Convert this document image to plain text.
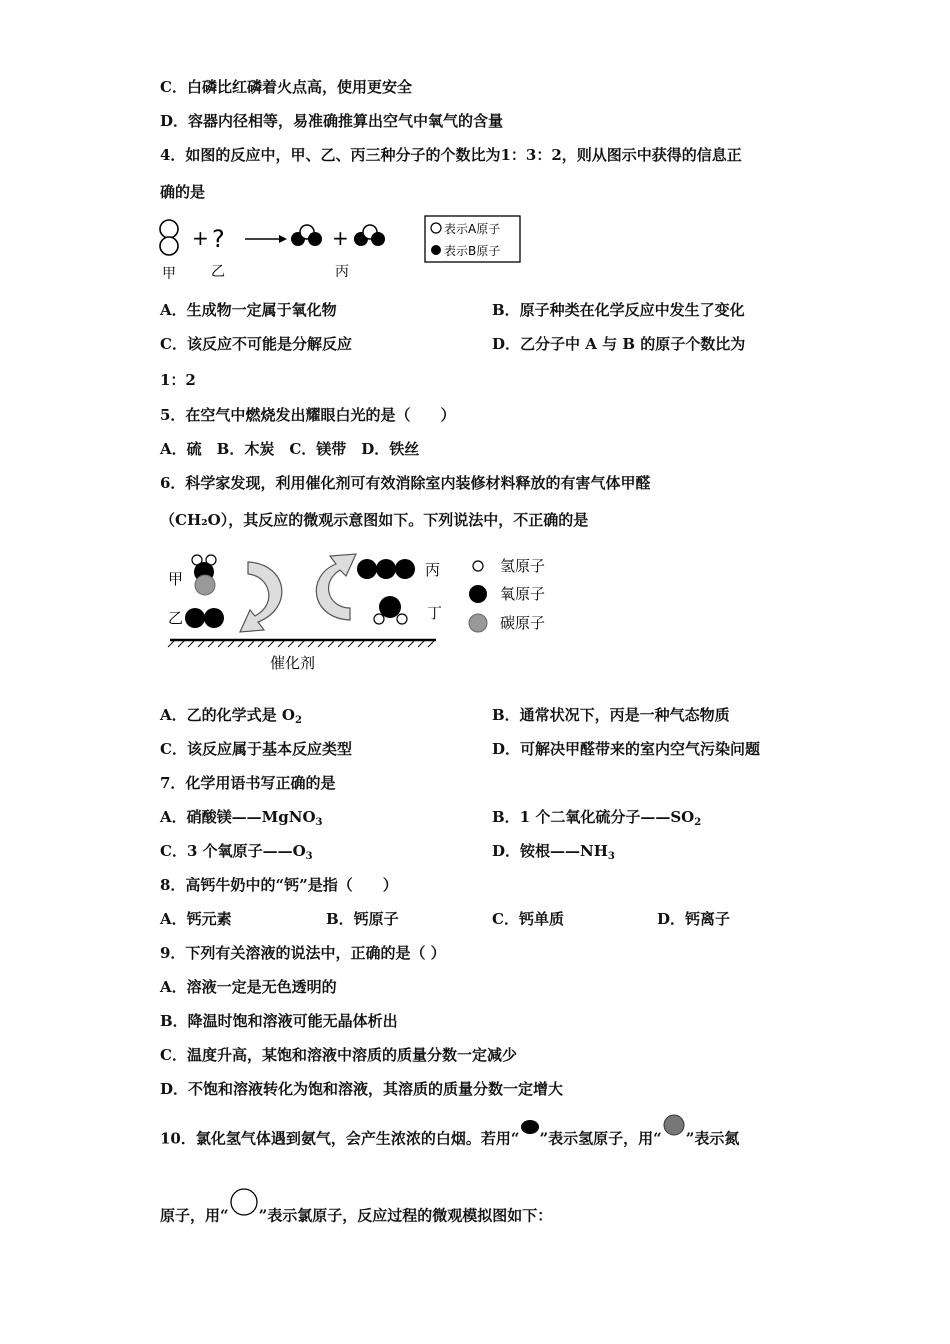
C．白磷比红磷着火点高，使用更安全
D．容器内径相等，易准确推算出空气中氧气的含量
4．如图的反应中，甲、乙、丙三种分子的个数比为1：3：2，则从图示中获得的信息正
确的是
+ ?	+
甲	乙	丙
表示A原子
表示B原子
A．生成物一定属于氧化物	B．原子种类在化学反应中发生了变化
C．该反应不可能是分解反应	D．乙分子中 A 与 B 的原子个数比为
1：2
5．在空气中燃烧发出耀眼白光的是（　　）
A．硫　B．木炭　C．镁带　D．铁丝
6．科学家发现，利用催化剂可有效消除室内装修材料释放的有害气体甲醛
（CH₂O），其反应的微观示意图如下。下列说法中，不正确的是
甲
乙
丙
丁
催化剂
氢原子
氧原子
碳原子
A．乙的化学式是 $O_2$	B．通常状况下，丙是一种气态物质
C．该反应属于基本反应类型	D．可解决甲醛带来的室内空气污染问题
7．化学用语书写正确的是
A．硝酸镁——MgNO$_3$	B．1 个二氧化硫分子$——SO_2$
C．3 个氧原子$——O_3$	D．铵根$——NH_3$
8．高钙牛奶中的“钙”是指（　　）
A．钙元素	B．钙原子	C．钙单质	D．钙离子
9．下列有关溶液的说法中，正确的是（ ）
A．溶液一定是无色透明的
B．降温时饱和溶液可能无晶体析出
C．温度升高，某饱和溶液中溶质的质量分数一定减少
D．不饱和溶液转化为饱和溶液，其溶质的质量分数一定增大
10．氯化氢气体遇到氨气，会产生浓浓的白烟。若用“ ”表示氢原子，用“ ”表示氮
原子，用“ ”表示氯原子，反应过程的微观模拟图如下：
